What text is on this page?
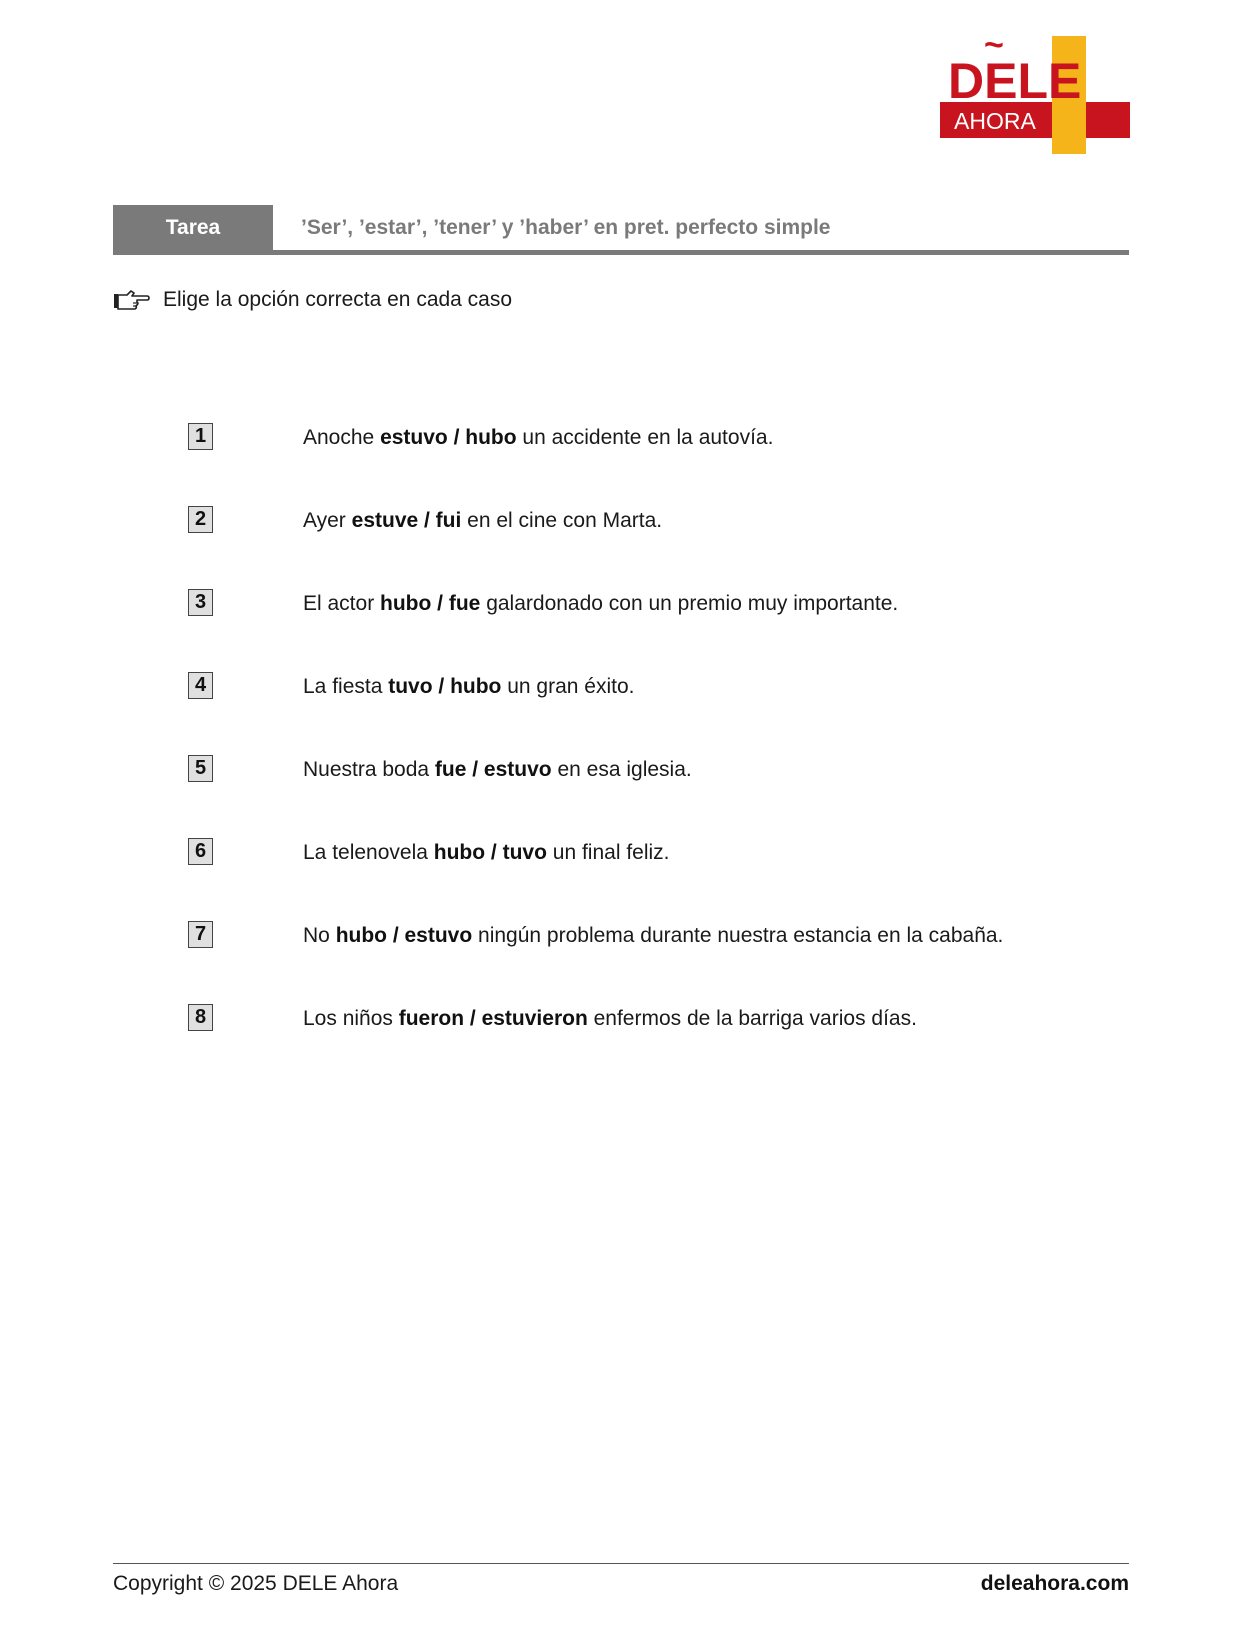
~
DELE
AHORA
Tarea	’Ser’, ’estar’, ’tener’ y ’haber’ en pret. perfecto simple
Elige la opción correcta en cada caso
1	Anoche estuvo / hubo un accidente en la autovía.
2	Ayer estuve / fui en el cine con Marta.
3	El actor hubo / fue galardonado con un premio muy importante.
4	La fiesta tuvo / hubo un gran éxito.
5	Nuestra boda fue / estuvo en esa iglesia.
6	La telenovela hubo / tuvo un final feliz.
7	No hubo / estuvo ningún problema durante nuestra estancia en la cabaña.
8	Los niños fueron / estuvieron enfermos de la barriga varios días.
Copyright © 2025 DELE Ahora	deleahora.com
